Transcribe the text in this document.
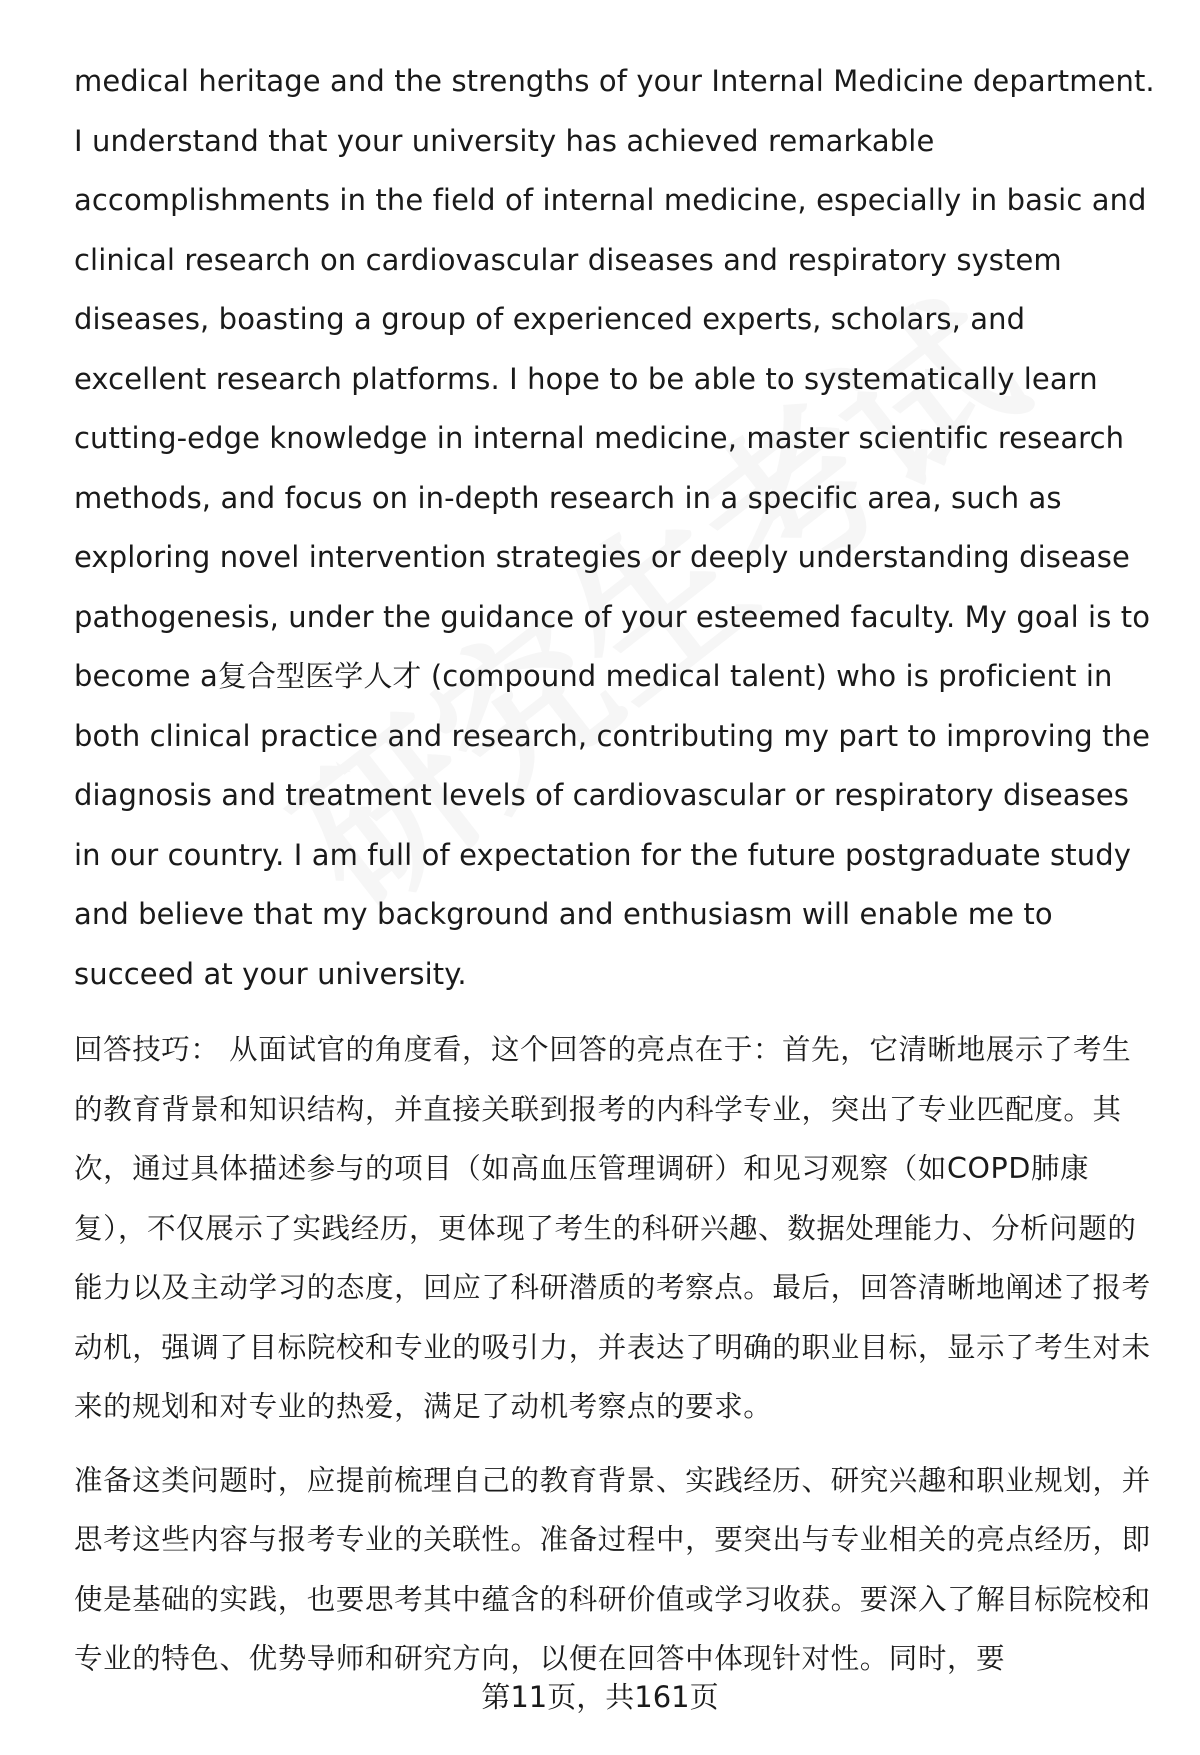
medical heritage and the strengths of your Internal Medicine department. I understand that your university has achieved remarkable accomplishments in the field of internal medicine, especially in basic and clinical research on cardiovascular diseases and respiratory system diseases, boasting a group of experienced experts, scholars, and excellent research platforms. I hope to be able to systematically learn cutting-edge knowledge in internal medicine, master scientific research methods, and focus on in-depth research in a specific area, such as exploring novel intervention strategies or deeply understanding disease pathogenesis, under the guidance of your esteemed faculty. My goal is to become a复合型医学人才 (compound medical talent) who is proficient in both clinical practice and research, contributing my part to improving the diagnosis and treatment levels of cardiovascular or respiratory diseases in our country. I am full of expectation for the future postgraduate study and believe that my background and enthusiasm will enable me to succeed at your university.

回答技巧： 从面试官的角度看，这个回答的亮点在于：首先，它清晰地展示了考生的教育背景和知识结构，并直接关联到报考的内科学专业，突出了专业匹配度。其次，通过具体描述参与的项目（如高血压管理调研）和见习观察（如COPD肺康复），不仅展示了实践经历，更体现了考生的科研兴趣、数据处理能力、分析问题的能力以及主动学习的态度，回应了科研潜质的考察点。最后，回答清晰地阐述了报考动机，强调了目标院校和专业的吸引力，并表达了明确的职业目标，显示了考生对未来的规划和对专业的热爱，满足了动机考察点的要求。

准备这类问题时，应提前梳理自己的教育背景、实践经历、研究兴趣和职业规划，并思考这些内容与报考专业的关联性。准备过程中，要突出与专业相关的亮点经历，即使是基础的实践，也要思考其中蕴含的科研价值或学习收获。要深入了解目标院校和专业的特色、优势导师和研究方向，以便在回答中体现针对性。同时，要

第11页，共161页
